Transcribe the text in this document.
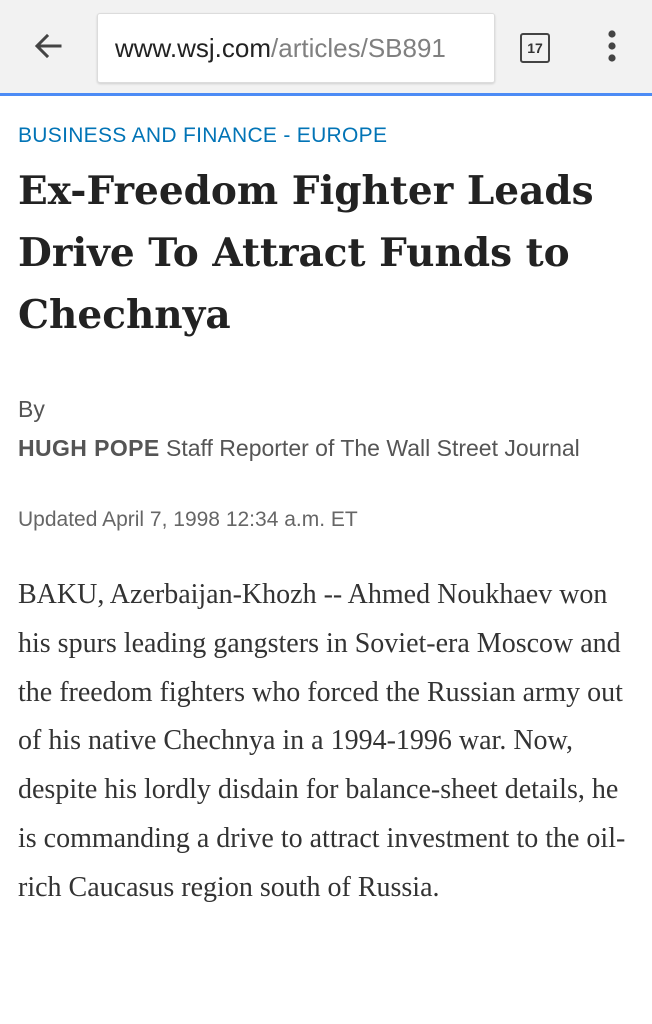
www.wsj.com/articles/SB891	17
BUSINESS AND FINANCE - EUROPE
Ex-Freedom Fighter Leads Drive To Attract Funds to Chechnya
By
HUGH POPE Staff Reporter of The Wall Street Journal
Updated April 7, 1998 12:34 a.m. ET

BAKU, Azerbaijan-Khozh -- Ahmed Noukhaev won his spurs leading gangsters in Soviet-era Moscow and the freedom fighters who forced the Russian army out of his native Chechnya in a 1994-1996 war. Now, despite his lordly disdain for balance-sheet details, he is commanding a drive to attract investment to the oil-rich Caucasus region south of Russia.
